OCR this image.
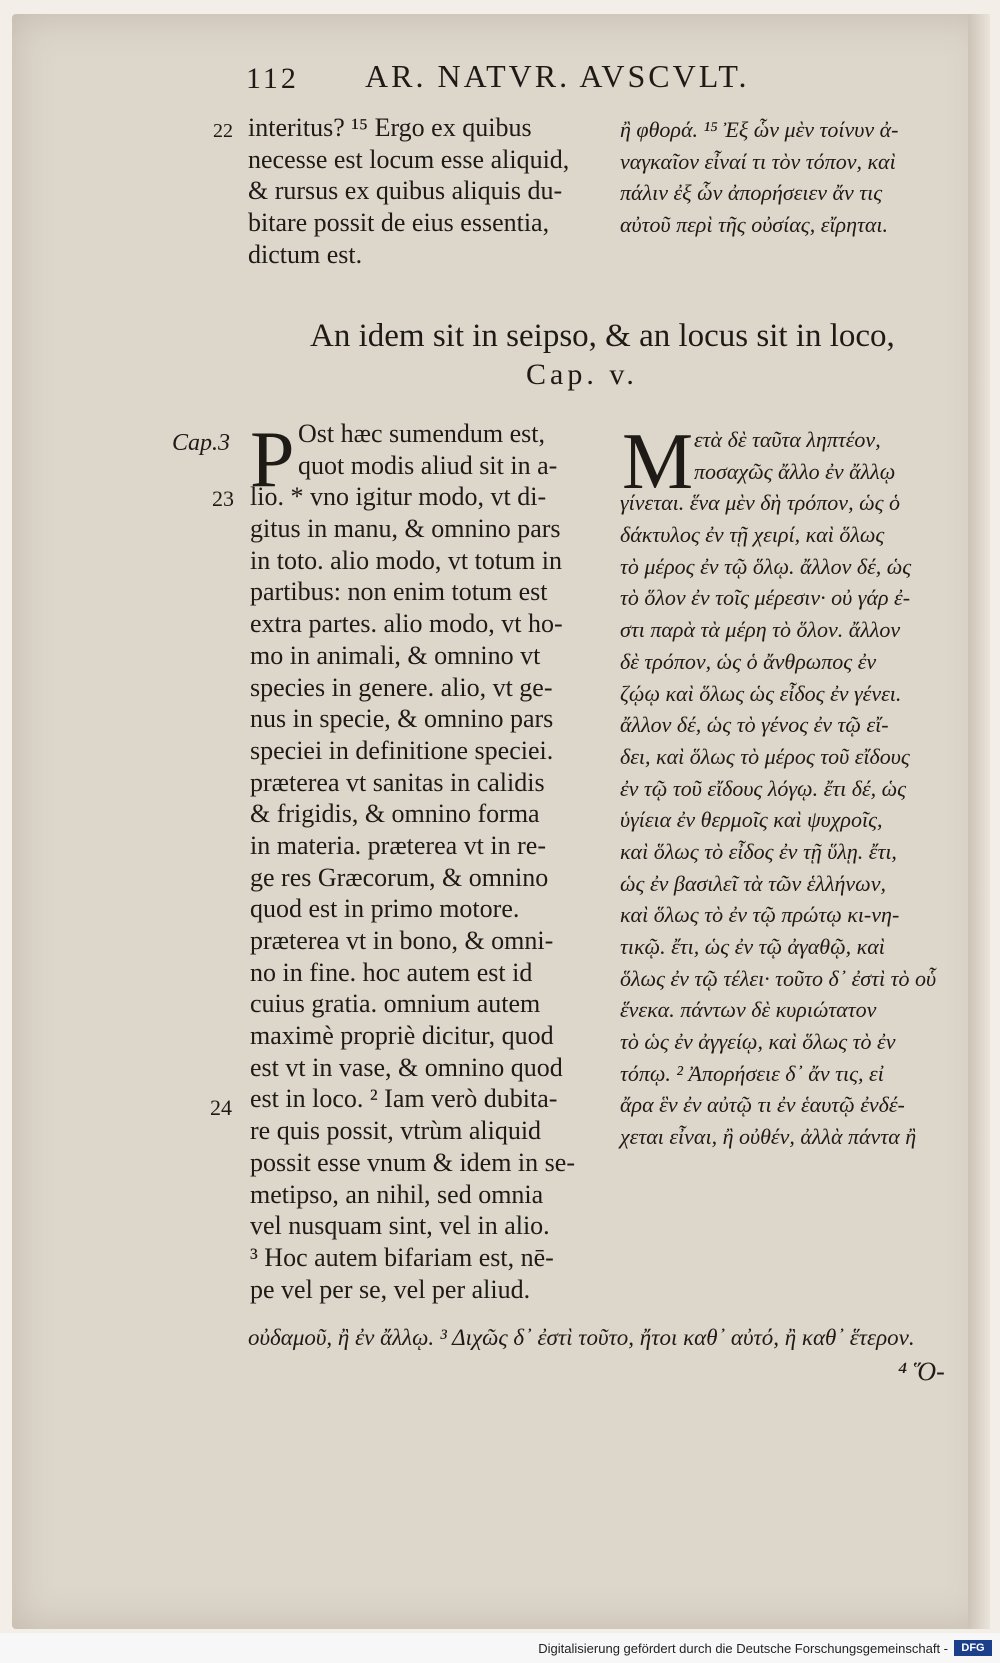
112 AR. NATVR. AVSCVLT.
22 interitus? ¹⁵ Ergo ex quibus
necesse est locum esse aliquid,
& rursus ex quibus aliquis du-
bitare possit de eius essentia,
dictum est.
ἢ φθορά. ¹⁵ Ἐξ ὧν μὲν τοίνυν ἀ-
ναγκαῖον εἶναί τι τὸν τόπον, καὶ
πάλιν ἐξ ὧν ἀπορήσειεν ἄν τις
αὐτοῦ περὶ τῆς οὐσίας, εἴρηται.
An idem sit in seipso, & an locus sit in loco,
Cap. v.
Cap.3
23
24
P Ost hæc sumendum est,
quot modis aliud sit in a-
lio. * vno igitur modo, vt di-
gitus in manu, & omnino pars
in toto. alio modo, vt totum in
partibus: non enim totum est
extra partes. alio modo, vt ho-
mo in animali, & omnino vt
species in genere. alio, vt ge-
nus in specie, & omnino pars
speciei in definitione speciei.
præterea vt sanitas in calidis
& frigidis, & omnino forma
in materia. præterea vt in re-
ge res Græcorum, & omnino
quod est in primo motore.
præterea vt in bono, & omni-
no in fine. hoc autem est id
cuius gratia. omnium autem
maximè propriè dicitur, quod
est vt in vase, & omnino quod
est in loco. ² Iam verò dubita-
re quis possit, vtrùm aliquid
possit esse vnum & idem in se-
metipso, an nihil, sed omnia
vel nusquam sint, vel in alio.
³ Hoc autem bifariam est, nē-
pe vel per se, vel per aliud.
M ετὰ δὲ ταῦτα ληπτέον,
ποσαχῶς ἄλλο ἐν ἄλλῳ
γίνεται. ἕνα μὲν δὴ τρόπον, ὡς ὁ
δάκτυλος ἐν τῇ χειρί, καὶ ὅλως
τὸ μέρος ἐν τῷ ὅλῳ. ἄλλον δέ, ὡς
τὸ ὅλον ἐν τοῖς μέρεσιν· οὐ γάρ ἐ-
στι παρὰ τὰ μέρη τὸ ὅλον. ἄλλον
δὲ τρόπον, ὡς ὁ ἄνθρωπος ἐν
ζῴῳ καὶ ὅλως ὡς εἶδος ἐν γένει.
ἄλλον δέ, ὡς τὸ γένος ἐν τῷ εἴ-
δει, καὶ ὅλως τὸ μέρος τοῦ εἴδους
ἐν τῷ τοῦ εἴδους λόγῳ. ἔτι δέ, ὡς
ὑγίεια ἐν θερμοῖς καὶ ψυχροῖς,
καὶ ὅλως τὸ εἶδος ἐν τῇ ὕλῃ. ἔτι,
ὡς ἐν βασιλεῖ τὰ τῶν ἑλλήνων,
καὶ ὅλως τὸ ἐν τῷ πρώτῳ κι-νη-
τικῷ. ἔτι, ὡς ἐν τῷ ἀγαθῷ, καὶ
ὅλως ἐν τῷ τέλει· τοῦτο δ᾽ ἐστὶ τὸ οὗ
ἕνεκα. πάντων δὲ κυριώτατον
τὸ ὡς ἐν ἀγγείῳ, καὶ ὅλως τὸ ἐν
τόπῳ. ² Ἀπορήσειε δ᾽ ἄν τις, εἰ
ἄρα ἓν ἐν αὐτῷ τι ἐν ἑαυτῷ ἐνδέ-
χεται εἶναι, ἢ οὐθέν, ἀλλὰ πάντα ἢ
οὐδαμοῦ, ἢ ἐν ἄλλῳ. ³ Διχῶς δ᾽ ἐστὶ τοῦτο, ἤτοι καθ᾽ αὐτό, ἢ καθ᾽ ἕτερον.
⁴ Ὅ-
Digitalisierung gefördert durch die Deutsche Forschungsgemeinschaft -	DFG
